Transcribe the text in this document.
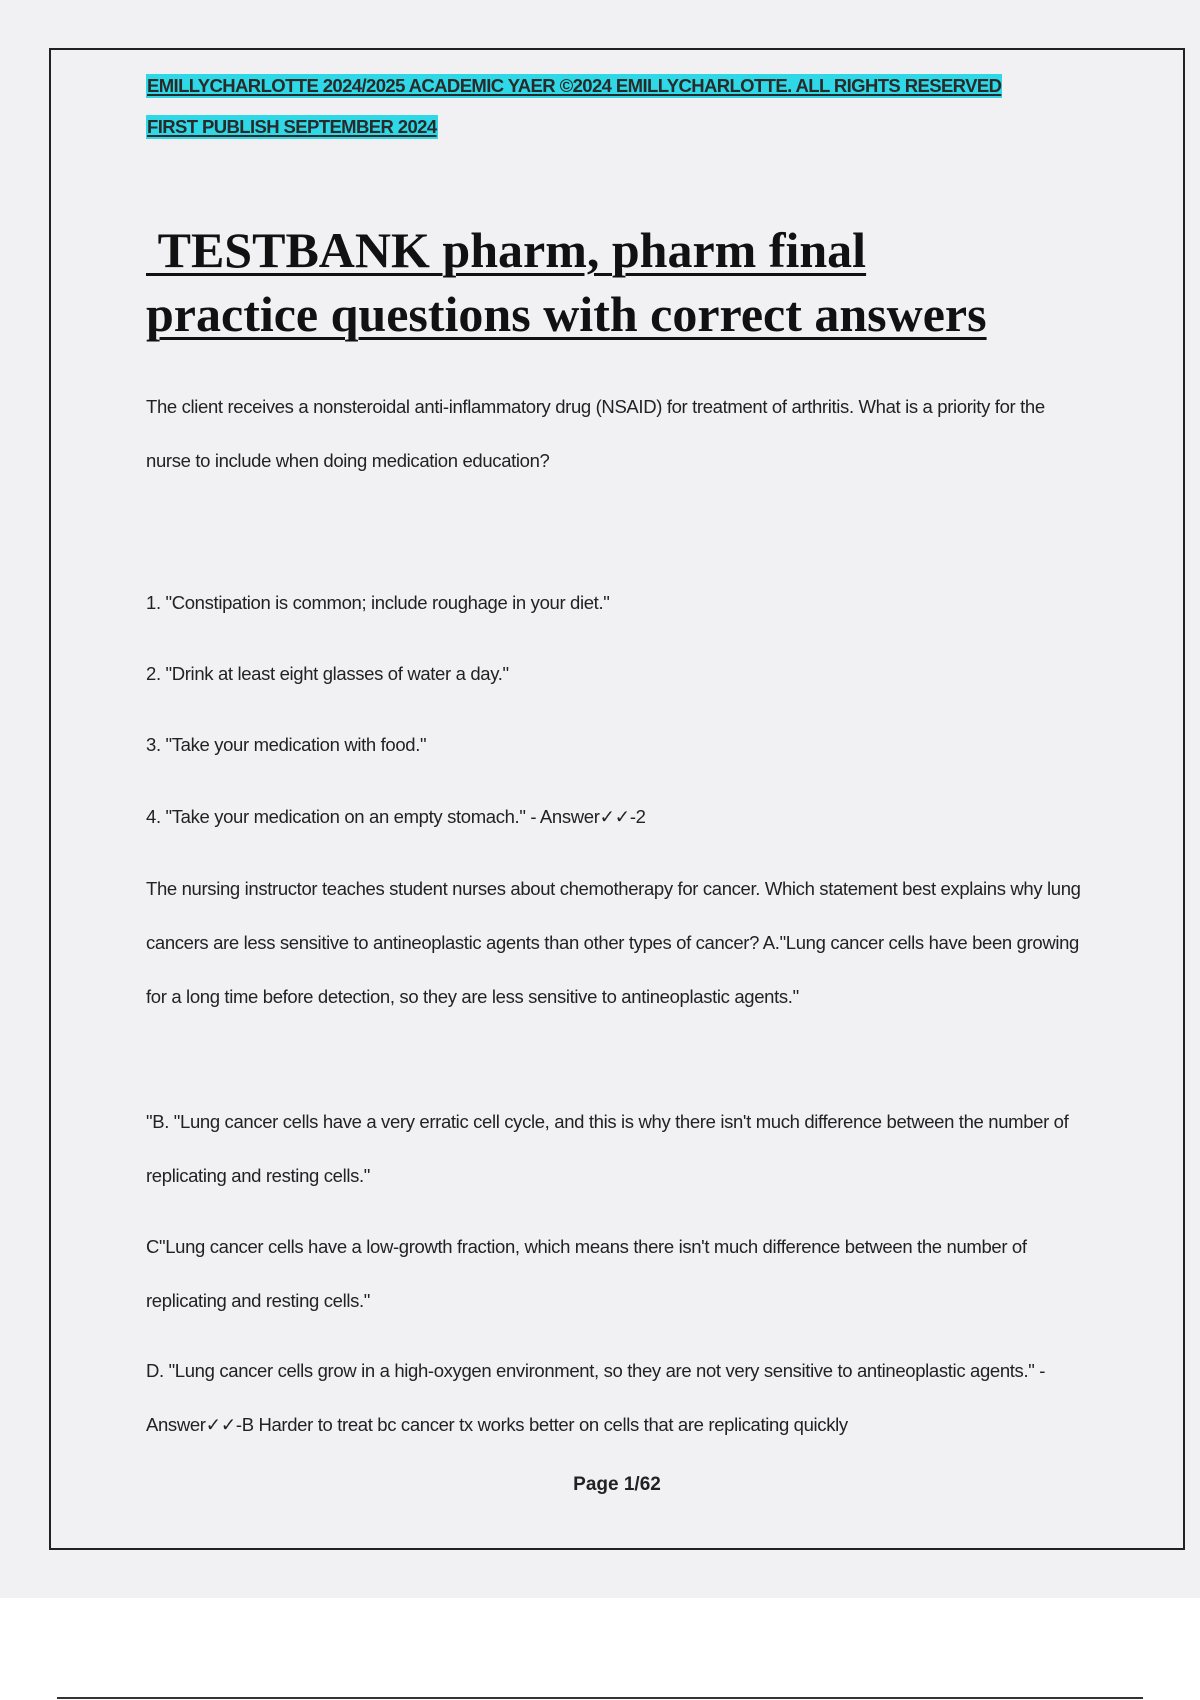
EMILLYCHARLOTTE 2024/2025 ACADEMIC YAER ©2024 EMILLYCHARLOTTE. ALL RIGHTS RESERVED
FIRST PUBLISH SEPTEMBER 2024
TESTBANK pharm, pharm final
practice questions with correct answers
The client receives a nonsteroidal anti-inflammatory drug (NSAID) for treatment of arthritis. What is a priority for the nurse to include when doing medication education?
1. "Constipation is common; include roughage in your diet."
2. "Drink at least eight glasses of water a day."
3. "Take your medication with food."
4. "Take your medication on an empty stomach." - Answer✓✓-2
The nursing instructor teaches student nurses about chemotherapy for cancer. Which statement best explains why lung cancers are less sensitive to antineoplastic agents than other types of cancer? A."Lung cancer cells have been growing for a long time before detection, so they are less sensitive to antineoplastic agents."
"B. "Lung cancer cells have a very erratic cell cycle, and this is why there isn't much difference between the number of replicating and resting cells."
C"Lung cancer cells have a low-growth fraction, which means there isn't much difference between the number of replicating and resting cells."
D. "Lung cancer cells grow in a high-oxygen environment, so they are not very sensitive to antineoplastic agents." - Answer✓✓-B Harder to treat bc cancer tx works better on cells that are replicating quickly
Page 1/62
